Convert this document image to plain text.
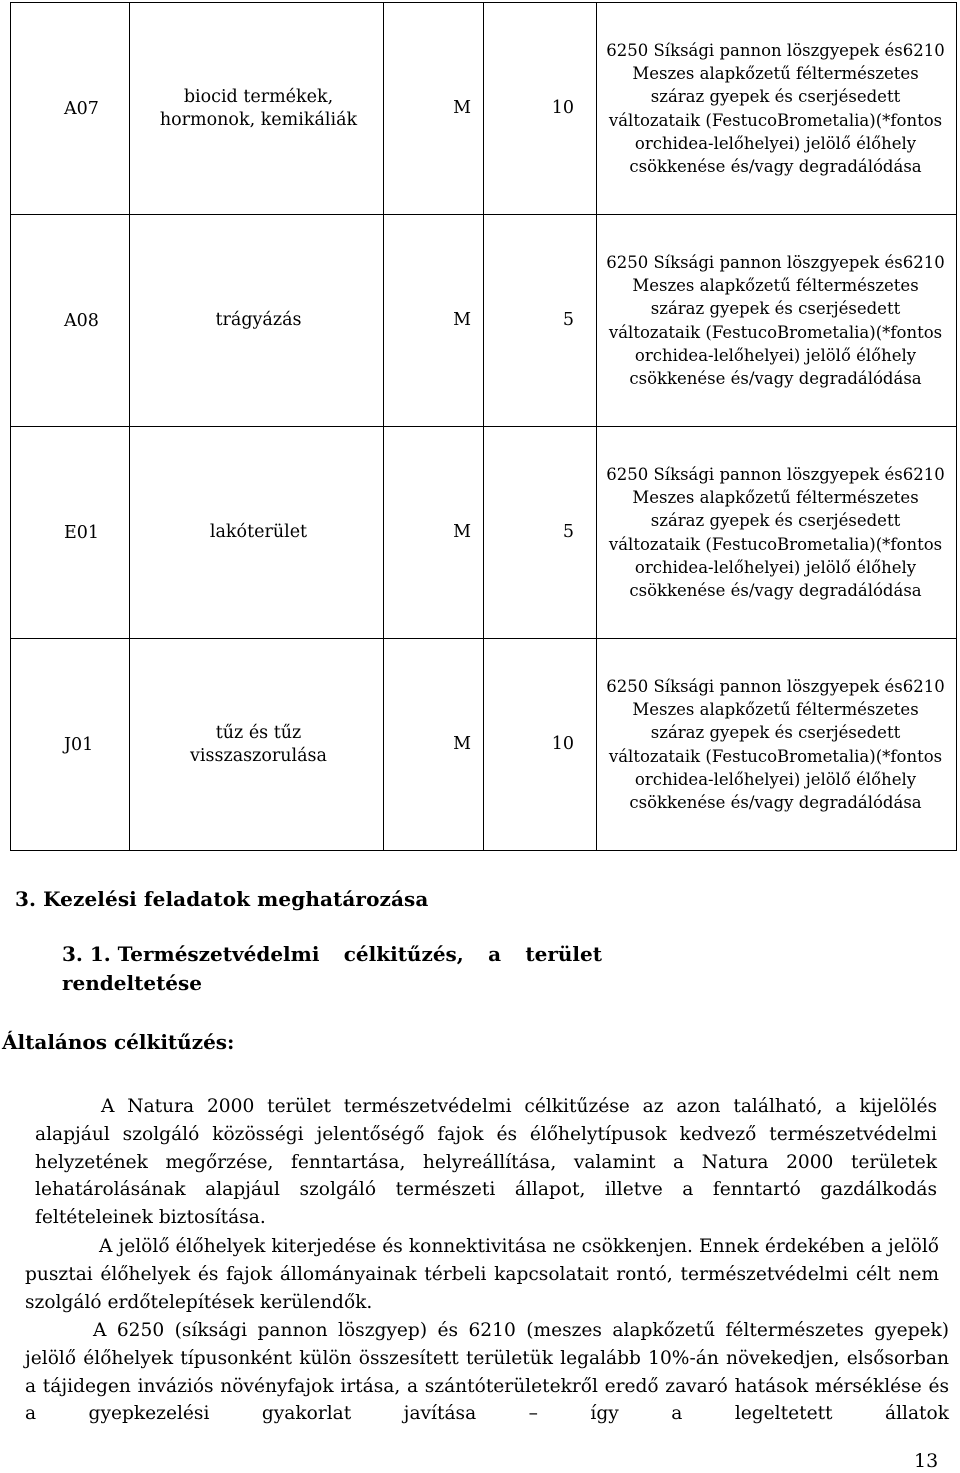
A07	biocid termékek, hormonok, kemikáliák	M	10	6250 Síksági pannon löszgyepek és6210 Meszes alapkőzetű féltermészetes száraz gyepek és cserjésedett változataik (FestucoBrometalia)(*fontos orchidea-lelőhelyei) jelölő élőhely csökkenése és/vagy degradálódása
A08	trágyázás	M	5	6250 Síksági pannon löszgyepek és6210 Meszes alapkőzetű féltermészetes száraz gyepek és cserjésedett változataik (FestucoBrometalia)(*fontos orchidea-lelőhelyei) jelölő élőhely csökkenése és/vagy degradálódása
E01	lakóterület	M	5	6250 Síksági pannon löszgyepek és6210 Meszes alapkőzetű féltermészetes száraz gyepek és cserjésedett változataik (FestucoBrometalia)(*fontos orchidea-lelőhelyei) jelölő élőhely csökkenése és/vagy degradálódása
J01	tűz és tűz visszaszorulása	M	10	6250 Síksági pannon löszgyepek és6210 Meszes alapkőzetű féltermészetes száraz gyepek és cserjésedett változataik (FestucoBrometalia)(*fontos orchidea-lelőhelyei) jelölő élőhely csökkenése és/vagy degradálódása
3. Kezelési feladatok meghatározása
3. 1. Természetvédelmi célkitűzés, a terület
rendeltetése
Általános célkitűzés:

A Natura 2000 terület természetvédelmi célkitűzése az azon található, a kijelölés alapjául szolgáló közösségi jelentőségő fajok és élőhelytípusok kedvező természetvédelmi helyzetének megőrzése, fenntartása, helyreállítása, valamint a Natura 2000 területek lehatárolásának alapjául szolgáló természeti állapot, illetve a fenntartó gazdálkodás feltételeinek biztosítása.

A jelölő élőhelyek kiterjedése és konnektivitása ne csökkenjen. Ennek érdekében a jelölő pusztai élőhelyek és fajok állományainak térbeli kapcsolatait rontó, természetvédelmi célt nem szolgáló erdőtelepítések kerülendők.

A 6250 (síksági pannon löszgyep) és 6210 (meszes alapkőzetű féltermészetes gyepek) jelölő élőhelyek típusonként külön összesített területük legalább 10%-án növekedjen, elsősorban a tájidegen inváziós növényfajok irtása, a szántóterületekről eredő zavaró hatások mérséklése és a gyepkezelési gyakorlat javítása – így a legeltetett állatok

13
